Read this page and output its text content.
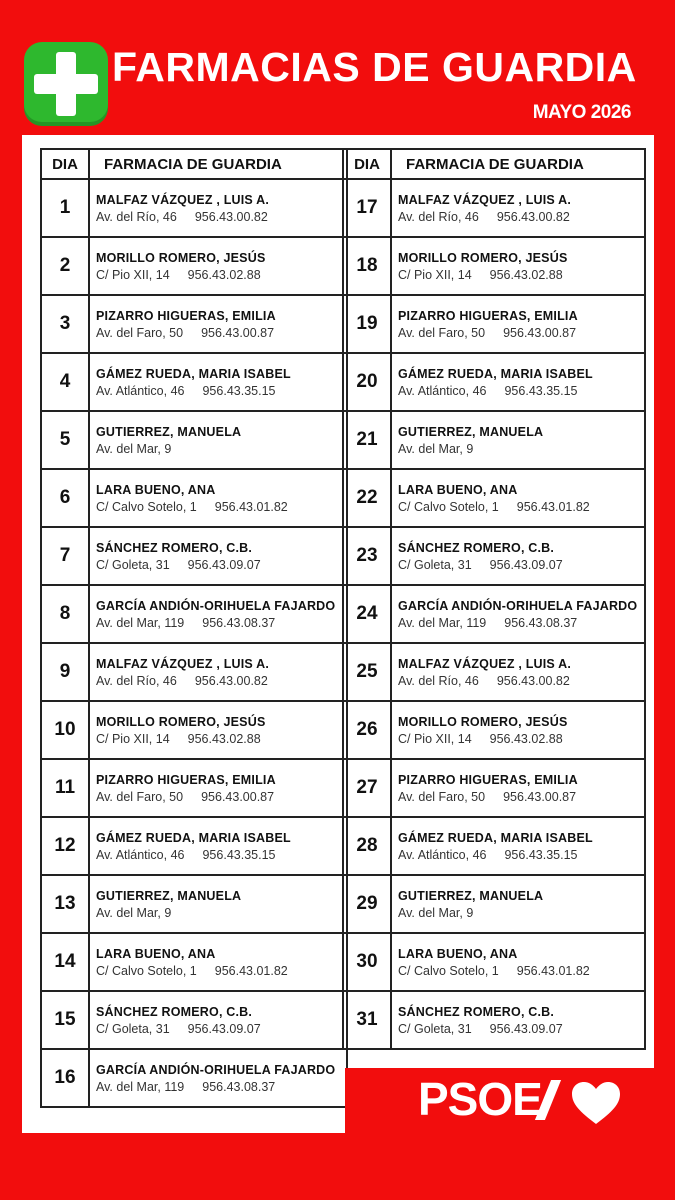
FARMACIAS DE GUARDIA
MAYO 2026
DIA	FARMACIA DE GUARDIA
1	MALFAZ VÁZQUEZ , LUIS A.
Av. del Río, 46 956.43.00.82

2	MORILLO ROMERO, JESÚS
C/ Pio XII, 14 956.43.02.88

3	PIZARRO HIGUERAS, EMILIA
Av. del Faro, 50 956.43.00.87

4	GÁMEZ RUEDA, MARIA ISABEL
Av. Atlántico, 46 956.43.35.15

5	GUTIERREZ, MANUELA
Av. del Mar, 9

6	LARA BUENO, ANA
C/ Calvo Sotelo, 1 956.43.01.82

7	SÁNCHEZ ROMERO, C.B.
C/ Goleta, 31 956.43.09.07

8	GARCÍA ANDIÓN-ORIHUELA FAJARDO
Av. del Mar, 119 956.43.08.37

9	MALFAZ VÁZQUEZ , LUIS A.
Av. del Río, 46 956.43.00.82

10	MORILLO ROMERO, JESÚS
C/ Pio XII, 14 956.43.02.88

11	PIZARRO HIGUERAS, EMILIA
Av. del Faro, 50 956.43.00.87

12	GÁMEZ RUEDA, MARIA ISABEL
Av. Atlántico, 46 956.43.35.15

13	GUTIERREZ, MANUELA
Av. del Mar, 9

14	LARA BUENO, ANA
C/ Calvo Sotelo, 1 956.43.01.82

15	SÁNCHEZ ROMERO, C.B.
C/ Goleta, 31 956.43.09.07

16	GARCÍA ANDIÓN-ORIHUELA FAJARDO
Av. del Mar, 119 956.43.08.37
DIA	FARMACIA DE GUARDIA
17	MALFAZ VÁZQUEZ , LUIS A.
Av. del Río, 46 956.43.00.82

18	MORILLO ROMERO, JESÚS
C/ Pio XII, 14 956.43.02.88

19	PIZARRO HIGUERAS, EMILIA
Av. del Faro, 50 956.43.00.87

20	GÁMEZ RUEDA, MARIA ISABEL
Av. Atlántico, 46 956.43.35.15

21	GUTIERREZ, MANUELA
Av. del Mar, 9

22	LARA BUENO, ANA
C/ Calvo Sotelo, 1 956.43.01.82

23	SÁNCHEZ ROMERO, C.B.
C/ Goleta, 31 956.43.09.07

24	GARCÍA ANDIÓN-ORIHUELA FAJARDO
Av. del Mar, 119 956.43.08.37

25	MALFAZ VÁZQUEZ , LUIS A.
Av. del Río, 46 956.43.00.82

26	MORILLO ROMERO, JESÚS
C/ Pio XII, 14 956.43.02.88

27	PIZARRO HIGUERAS, EMILIA
Av. del Faro, 50 956.43.00.87

28	GÁMEZ RUEDA, MARIA ISABEL
Av. Atlántico, 46 956.43.35.15

29	GUTIERREZ, MANUELA
Av. del Mar, 9

30	LARA BUENO, ANA
C/ Calvo Sotelo, 1 956.43.01.82

31	SÁNCHEZ ROMERO, C.B.
C/ Goleta, 31 956.43.09.07
PSOE
